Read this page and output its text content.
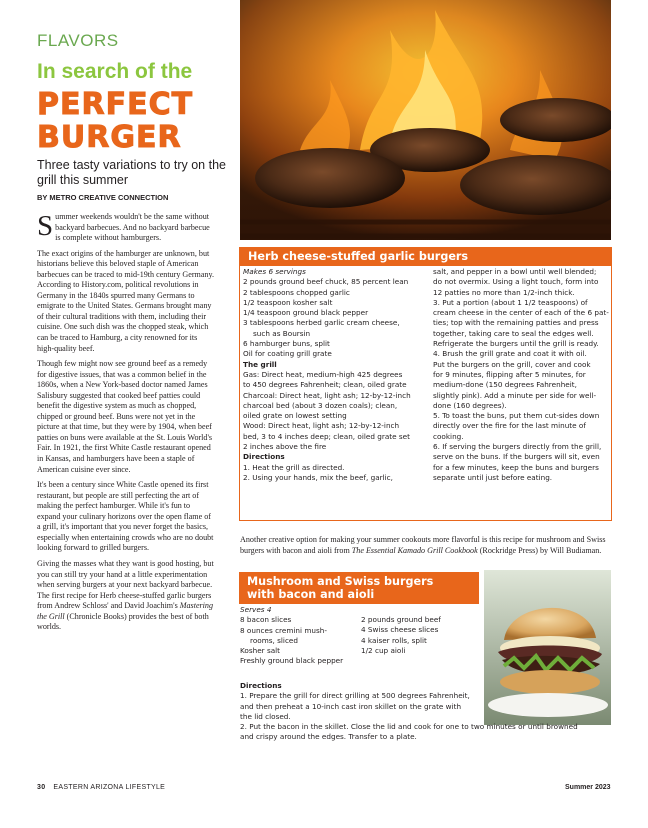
FLAVORS
In search of the
PERFECT
BURGER
Three tasty variations to try on the grill this summer
BY METRO CREATIVE CONNECTION

Summer weekends wouldn't be the same without backyard barbecues. And no backyard barbecue is complete without hamburgers.

The exact origins of the hamburger are unknown, but historians believe this beloved staple of American barbecues can be traced to mid-19th century Germany. According to History.com, political revolutions in Germany in the 1840s spurred many Germans to emigrate to the United States. Germans brought many of their cultural traditions with them, including their cuisine. One such dish was the chopped steak, which can be traced to Hamburg, a city renowned for its high-quality beef.

Though few might now see ground beef as a remedy for digestive issues, that was a common belief in the 1860s, when a New York-based doctor named James Salisbury suggested that cooked beef patties could benefit the digestive system as much as chopped, chipped or ground beef. Buns were not yet in the picture at that time, but they were by 1904, when beef patties on buns were available at the St. Louis World's Fair. In 1921, the first White Castle restaurant opened in Kansas, and hamburgers have been a staple of American cuisine ever since.

It's been a century since White Castle opened its first restaurant, but people are still perfecting the art of making the perfect hamburger. While it's fun to expand your culinary horizons over the open flame of a grill, it's important that you never forget the basics, especially when entertaining crowds who are no doubt looking forward to grilled burgers.

Giving the masses what they want is good hosting, but you can still try your hand at a little experimentation when serving burgers at your next backyard barbecue. The first recipe for Herb cheese-stuffed garlic burgers from Andrew Schloss' and David Joachim's Mastering the Grill (Chronicle Books) provides the best of both worlds.

Herb cheese-stuffed garlic burgers
Makes 6 servings
2 pounds ground beef chuck, 85 percent lean
2 tablespoons chopped garlic
1/2 teaspoon kosher salt
1/4 teaspoon ground black pepper
3 tablespoons herbed garlic cream cheese,
such as Boursin
6 hamburger buns, split
Oil for coating grill grate
The grill
Gas: Direct heat, medium-high 425 degrees
to 450 degrees Fahrenheit; clean, oiled grate
Charcoal: Direct heat, light ash; 12-by-12-inch
charcoal bed (about 3 dozen coals); clean,
oiled grate on lowest setting
Wood: Direct heat, light ash; 12-by-12-inch
bed, 3 to 4 inches deep; clean, oiled grate set
2 inches above the fire
Directions
1. Heat the grill as directed.
2. Using your hands, mix the beef, garlic,
salt, and pepper in a bowl until well blended;
do not overmix. Using a light touch, form into
12 patties no more than 1/2-inch thick.
3. Put a portion (about 1 1/2 teaspoons) of
cream cheese in the center of each of the 6 pat-
ties; top with the remaining patties and press
together, taking care to seal the edges well.
Refrigerate the burgers until the grill is ready.
4. Brush the grill grate and coat it with oil.
Put the burgers on the grill, cover and cook
for 9 minutes, flipping after 5 minutes, for
medium-done (150 degrees Fahrenheit,
slightly pink). Add a minute per side for well-
done (160 degrees).
5. To toast the buns, put them cut-sides down
directly over the fire for the last minute of
cooking.
6. If serving the burgers directly from the grill,
serve on the buns. If the burgers will sit, even
for a few minutes, keep the buns and burgers
separate until just before eating.
Another creative option for making your summer cookouts more flavorful is this recipe for mushroom and Swiss burgers with bacon and aioli from The Essential Kamado Grill Cookbook (Rockridge Press) by Will Budiaman.
Mushroom and Swiss burgers
with bacon and aioli
Serves 4
8 bacon slices
8 ounces cremini mush-
rooms, sliced
Kosher salt
Freshly ground black pepper
2 pounds ground beef
4 Swiss cheese slices
4 kaiser rolls, split
1/2 cup aioli
Directions
1. Prepare the grill for direct grilling at 500 degrees Fahrenheit,
and then preheat a 10-inch cast iron skillet on the grate with
the lid closed.
2. Put the bacon in the skillet. Close the lid and cook for one to two minutes or until browned
and crispy around the edges. Transfer to a plate.
30 EASTERN ARIZONA LIFESTYLE	Summer 2023
